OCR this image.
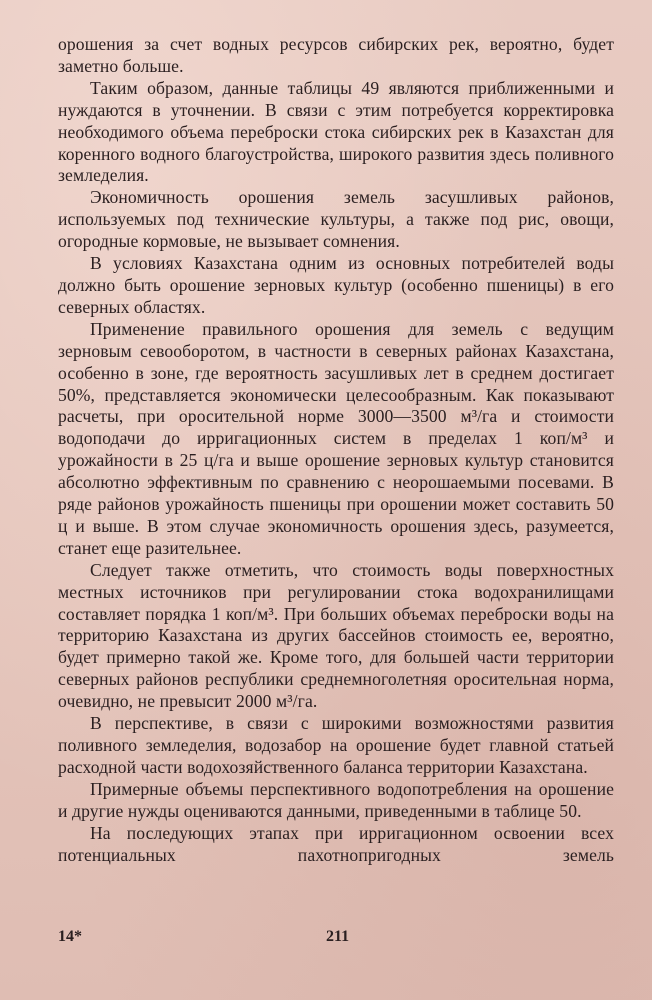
орошения за счет водных ресурсов сибирских рек, вероятно, будет заметно больше.

Таким образом, данные таблицы 49 являются приближенными и нуждаются в уточнении. В связи с этим потребуется корректировка необходимого объема переброски стока сибирских рек в Казахстан для коренного водного благоустройства, широкого развития здесь поливного земледелия.

Экономичность орошения земель засушливых районов, используемых под технические культуры, а также под рис, овощи, огородные кормовые, не вызывает сомнения.

В условиях Казахстана одним из основных потребителей воды должно быть орошение зерновых культур (особенно пшеницы) в его северных областях.

Применение правильного орошения для земель с ведущим зерновым севооборотом, в частности в северных районах Казахстана, особенно в зоне, где вероятность засушливых лет в среднем достигает 50%, представляется экономически целесообразным. Как показывают расчеты, при оросительной норме 3000—3500 м³/га и стоимости водоподачи до ирригационных систем в пределах 1 коп/м³ и урожайности в 25 ц/га и выше орошение зерновых культур становится абсолютно эффективным по сравнению с неорошаемыми посевами. В ряде районов урожайность пшеницы при орошении может составить 50 ц и выше. В этом случае экономичность орошения здесь, разумеется, станет еще разительнее.

Следует также отметить, что стоимость воды поверхностных местных источников при регулировании стока водохранилищами составляет порядка 1 коп/м³. При больших объемах переброски воды на территорию Казахстана из других бассейнов стоимость ее, вероятно, будет примерно такой же. Кроме того, для большей части территории северных районов республики среднемноголетняя оросительная норма, очевидно, не превысит 2000 м³/га.

В перспективе, в связи с широкими возможностями развития поливного земледелия, водозабор на орошение будет главной статьей расходной части водохозяйственного баланса территории Казахстана.

Примерные объемы перспективного водопотребления на орошение и другие нужды оцениваются данными, приведенными в таблице 50.

На последующих этапах при ирригационном освоении всех потенциальных пахотнопригодных земель

14*	211
